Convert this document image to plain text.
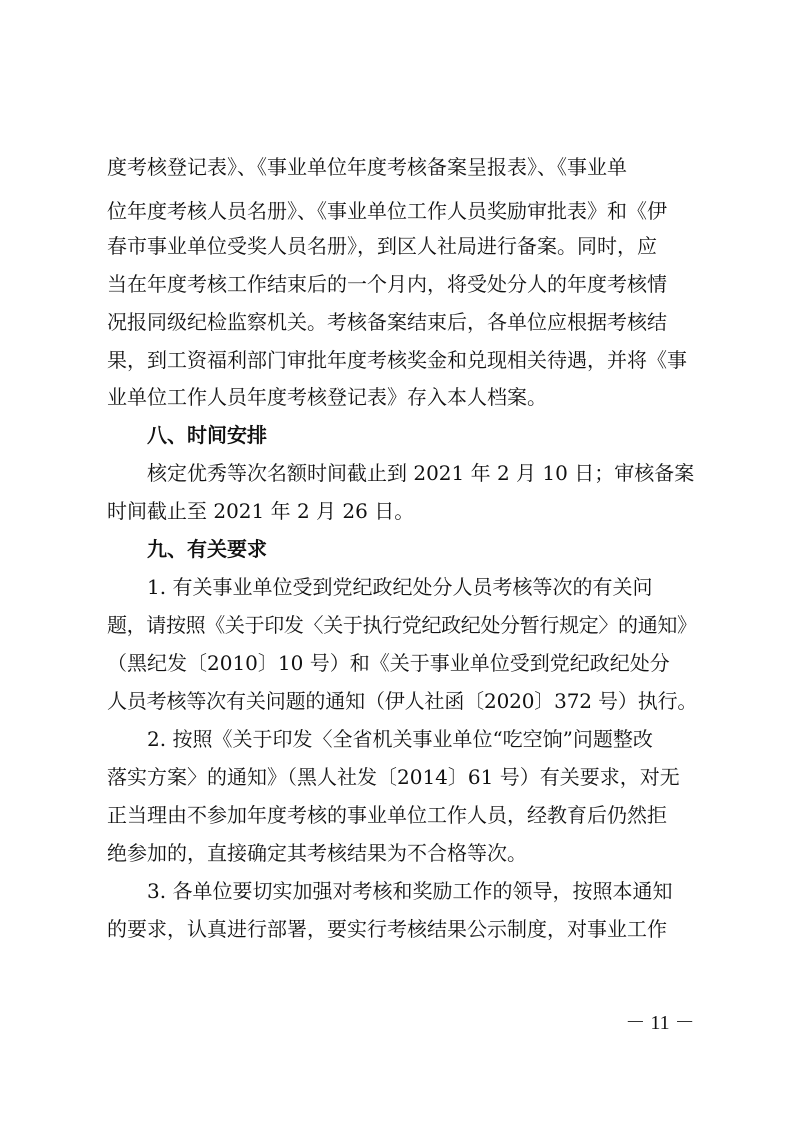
度考核登记表》、《事业单位年度考核备案呈报表》、《事业单
位年度考核人员名册》、《事业单位工作人员奖励审批表》和《伊
春市事业单位受奖人员名册》，到区人社局进行备案。同时，应
当在年度考核工作结束后的一个月内，将受处分人的年度考核情
况报同级纪检监察机关。考核备案结束后，各单位应根据考核结
果，到工资福利部门审批年度考核奖金和兑现相关待遇，并将《事
业单位工作人员年度考核登记表》存入本人档案。
八、时间安排
核定优秀等次名额时间截止到 2021 年 2 月 10 日；审核备案
时间截止至 2021 年 2 月 26 日。
九、有关要求
1. 有关事业单位受到党纪政纪处分人员考核等次的有关问
题，请按照《关于印发〈关于执行党纪政纪处分暂行规定〉的通知》
（黑纪发〔2010〕10 号）和《关于事业单位受到党纪政纪处分
人员考核等次有关问题的通知（伊人社函〔2020〕372 号）执行。
2. 按照《关于印发〈全省机关事业单位“吃空饷”问题整改
落实方案〉的通知》（黑人社发〔2014〕61 号）有关要求，对无
正当理由不参加年度考核的事业单位工作人员，经教育后仍然拒
绝参加的，直接确定其考核结果为不合格等次。
3. 各单位要切实加强对考核和奖励工作的领导，按照本通知
的要求，认真进行部署，要实行考核结果公示制度，对事业工作
－ 11 －
